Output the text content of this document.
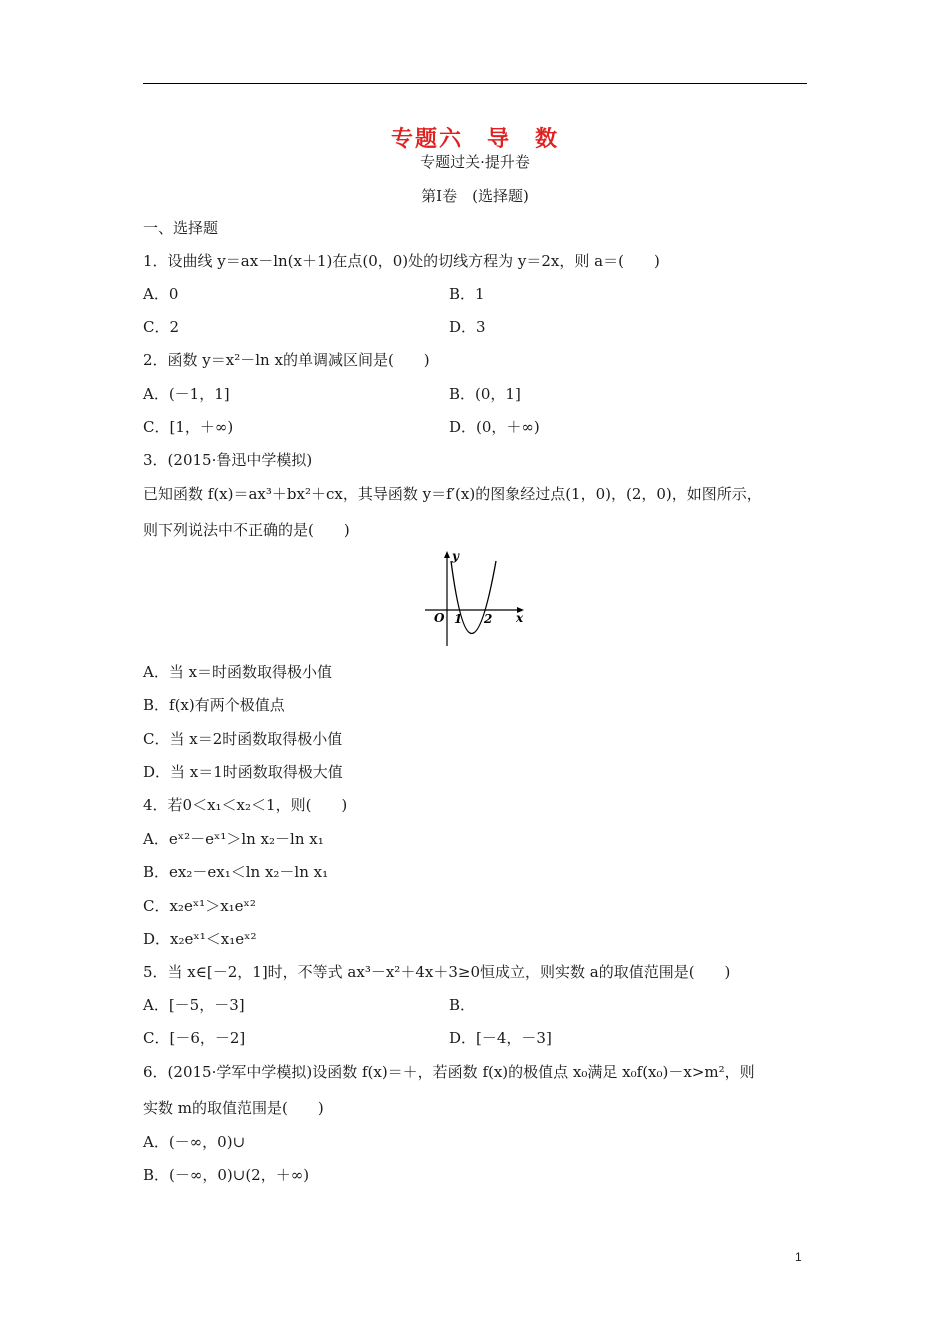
专题六　导　数
专题过关·提升卷
第Ⅰ卷　(选择题)
一、选择题
1．设曲线 y＝ax－ln(x＋1)在点(0，0)处的切线方程为 y＝2x，则 a＝(　　)
A．0	B．1
C．2	D．3
2．函数 y＝x²－ln x的单调减区间是(　　)
A．(－1，1]	B．(0，1]
C．[1，＋∞)	D．(0，＋∞)
3．(2015·鲁迅中学模拟)
已知函数 f(x)＝ax³＋bx²＋cx，其导函数 y＝f′(x)的图象经过点(1，0)，(2，0)，如图所示，
则下列说法中不正确的是(　　)
y
x
O 1 2
A．当 x＝时函数取得极小值
B．f(x)有两个极值点
C．当 x＝2时函数取得极小值
D．当 x＝1时函数取得极大值
4．若0＜x₁＜x₂＜1，则(　　)
A．eˣ²－eˣ¹＞ln x₂－ln x₁
B．ex₂－ex₁＜ln x₂－ln x₁
C．x₂eˣ¹＞x₁eˣ²
D．x₂eˣ¹＜x₁eˣ²
5．当 x∈[－2，1]时，不等式 ax³－x²＋4x＋3≥0恒成立，则实数 a的取值范围是(　　)
A．[－5，－3]	B．
C．[－6，－2]	D．[－4，－3]
6．(2015·学军中学模拟)设函数 f(x)＝＋，若函数 f(x)的极值点 x₀满足 x₀f(x₀)－x>m²，则
实数 m的取值范围是(　　)
A．(－∞，0)∪
B．(－∞，0)∪(2，＋∞)
1
